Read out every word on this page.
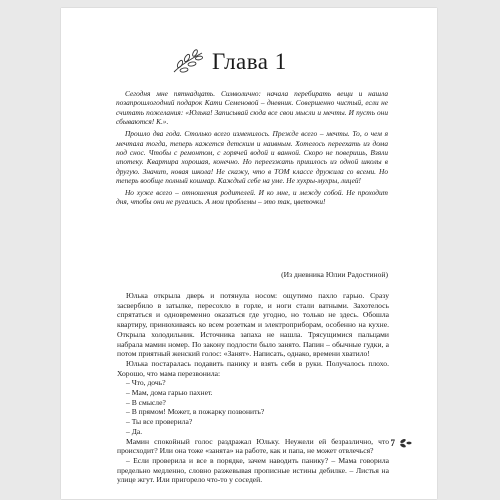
Глава 1

Сегодня мне пятнадцать. Символично: начала перебирать вещи и нашла позапрошлогодний подарок Кати Семеновой – дневник. Совершенно чистый, если не считать пожелания: «Юлька! Записывай сюда все свои мысли и мечты. И пусть они сбываются! К.».

Прошло два года. Столько всего изменилось. Прежде всего – мечты. То, о чем я мечтала тогда, теперь кажется детским и наивным. Хотелось переехать из дома под снос. Чтобы с ремонтом, с горячей водой и ванной. Скоро не поверишь, Взяли ипотеку. Квартира хорошая, конечно. Но переезжать пришлось из одной школы в другую. Значит, новая школа! Не скажу, что в ТОМ классе дружила со всеми. Но теперь вообще полный кошмар. Каждый себе на уме. Не хухры-мухры, лицей!

Но хуже всего – отношения родителей. И ко мне, и между собой. Не проходит дня, чтобы они не ругались. А мои проблемы – это так, цветочки!

(Из дневника Юлии Радостиной)

Юлька открыла дверь и потянула носом: ощутимо пахло гарью. Сразу засвербило в затылке, пересохло в горле, и ноги стали ватными. Захотелось спрятаться и одновременно оказаться где угодно, но только не здесь. Обошла квартиру, принюхиваясь ко всем розеткам и электроприборам, особенно на кухне. Открыла холодильник. Источника запаха не нашла. Трясущимися пальцами набрала мамин номер. По закону подлости было занято. Папин – обычные гудки, а потом приятный женский голос: «Занят». Написать, однако, времени хватило!

Юлька постаралась подавить панику и взять себя в руки. Получалось плохо. Хорошо, что мама перезвонила:

– Что, дочь?

– Мам, дома гарью пахнет.

– В смысле?

– В прямом! Может, в пожарку позвонить?

– Ты все проверила?

– Да.

Мамин спокойный голос раздражал Юльку. Неужели ей безразлично, что происходит? Или она тоже «занята» на работе, как и папа, не может отвлечься?

– Если проверила и все в порядке, зачем наводить панику? – Мама говорила предельно медленно, словно разжевывая прописные истины дебилке. – Листья на улице жгут. Или пригорело что-то у соседей.

7
